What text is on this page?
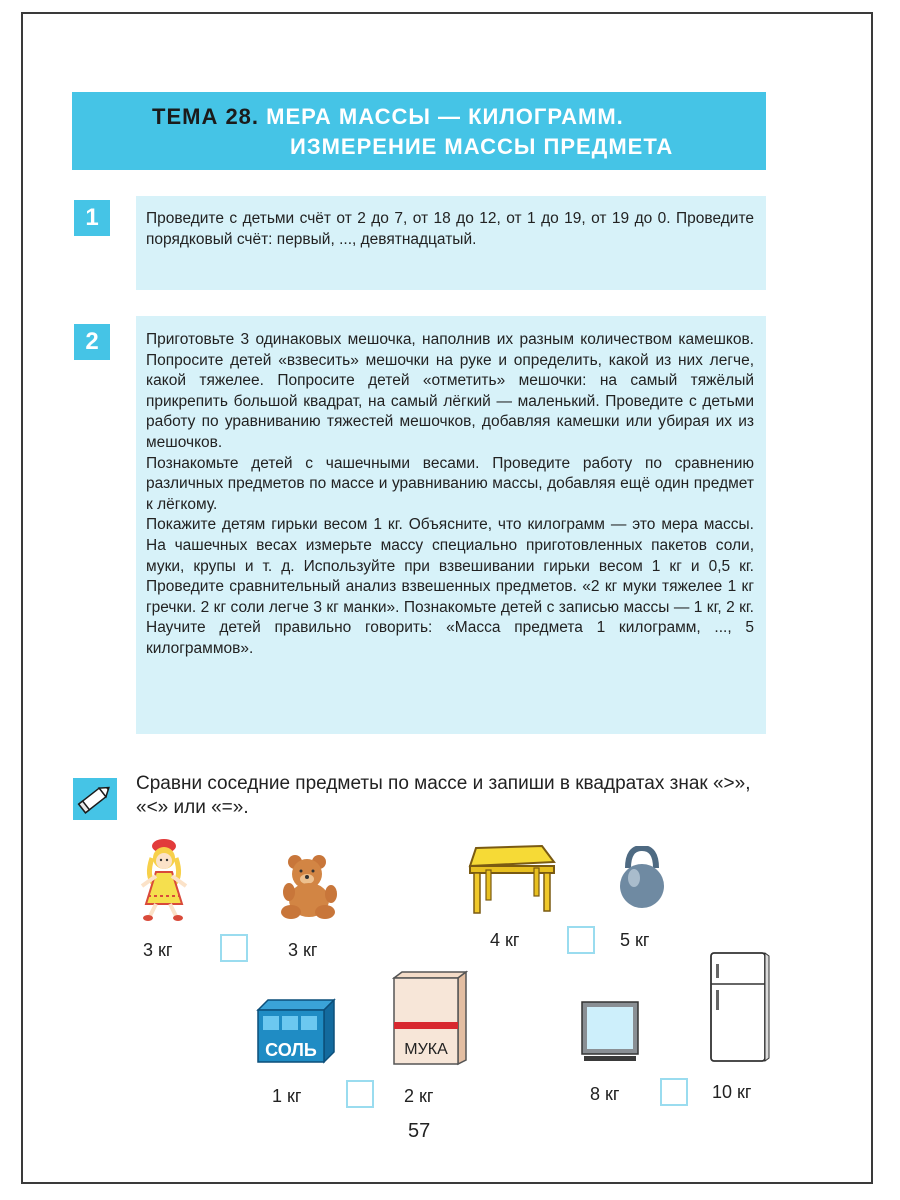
ТЕМА 28. МЕРА МАССЫ — КИЛОГРАММ.
ИЗМЕРЕНИЕ МАССЫ ПРЕДМЕТА
1	Проведите с детьми счёт от 2 до 7, от 18 до 12, от 1 до 19, от 19 до 0. Проведите порядковый счёт: первый, ..., девятнадцатый.
2	Приготовьте 3 одинаковых мешочка, наполнив их разным количеством камешков. Попросите детей «взвесить» мешочки на руке и определить, какой из них легче, какой тяжелее. Попросите детей «отметить» мешочки: на самый тяжёлый прикрепить большой квадрат, на самый лёгкий — маленький. Проведите с детьми работу по уравниванию тяжестей мешочков, добавляя камешки или убирая их из мешочков.

Познакомьте детей с чашечными весами. Проведите работу по сравнению различных предметов по массе и уравниванию массы, добавляя ещё один предмет к лёгкому.

Покажите детям гирьки весом 1 кг. Объясните, что килограмм — это мера массы. На чашечных весах измерьте массу специально приготовленных пакетов соли, муки, крупы и т. д. Используйте при взвешивании гирьки весом 1 кг и 0,5 кг. Проведите сравнительный анализ взвешенных предметов. «2 кг муки тяжелее 1 кг гречки. 2 кг соли легче 3 кг манки». Познакомьте детей с записью массы — 1 кг, 2 кг. Научите детей правильно говорить: «Масса предмета 1 килограмм, ..., 5 килограммов».

Сравни соседние предметы по массе и запиши в квадратах знак «>», «<» или «=».
3 кг	3 кг	4 кг	5 кг
СОЛЬ
1 кг
МУКА
2 кг	8 кг	10 кг
57
